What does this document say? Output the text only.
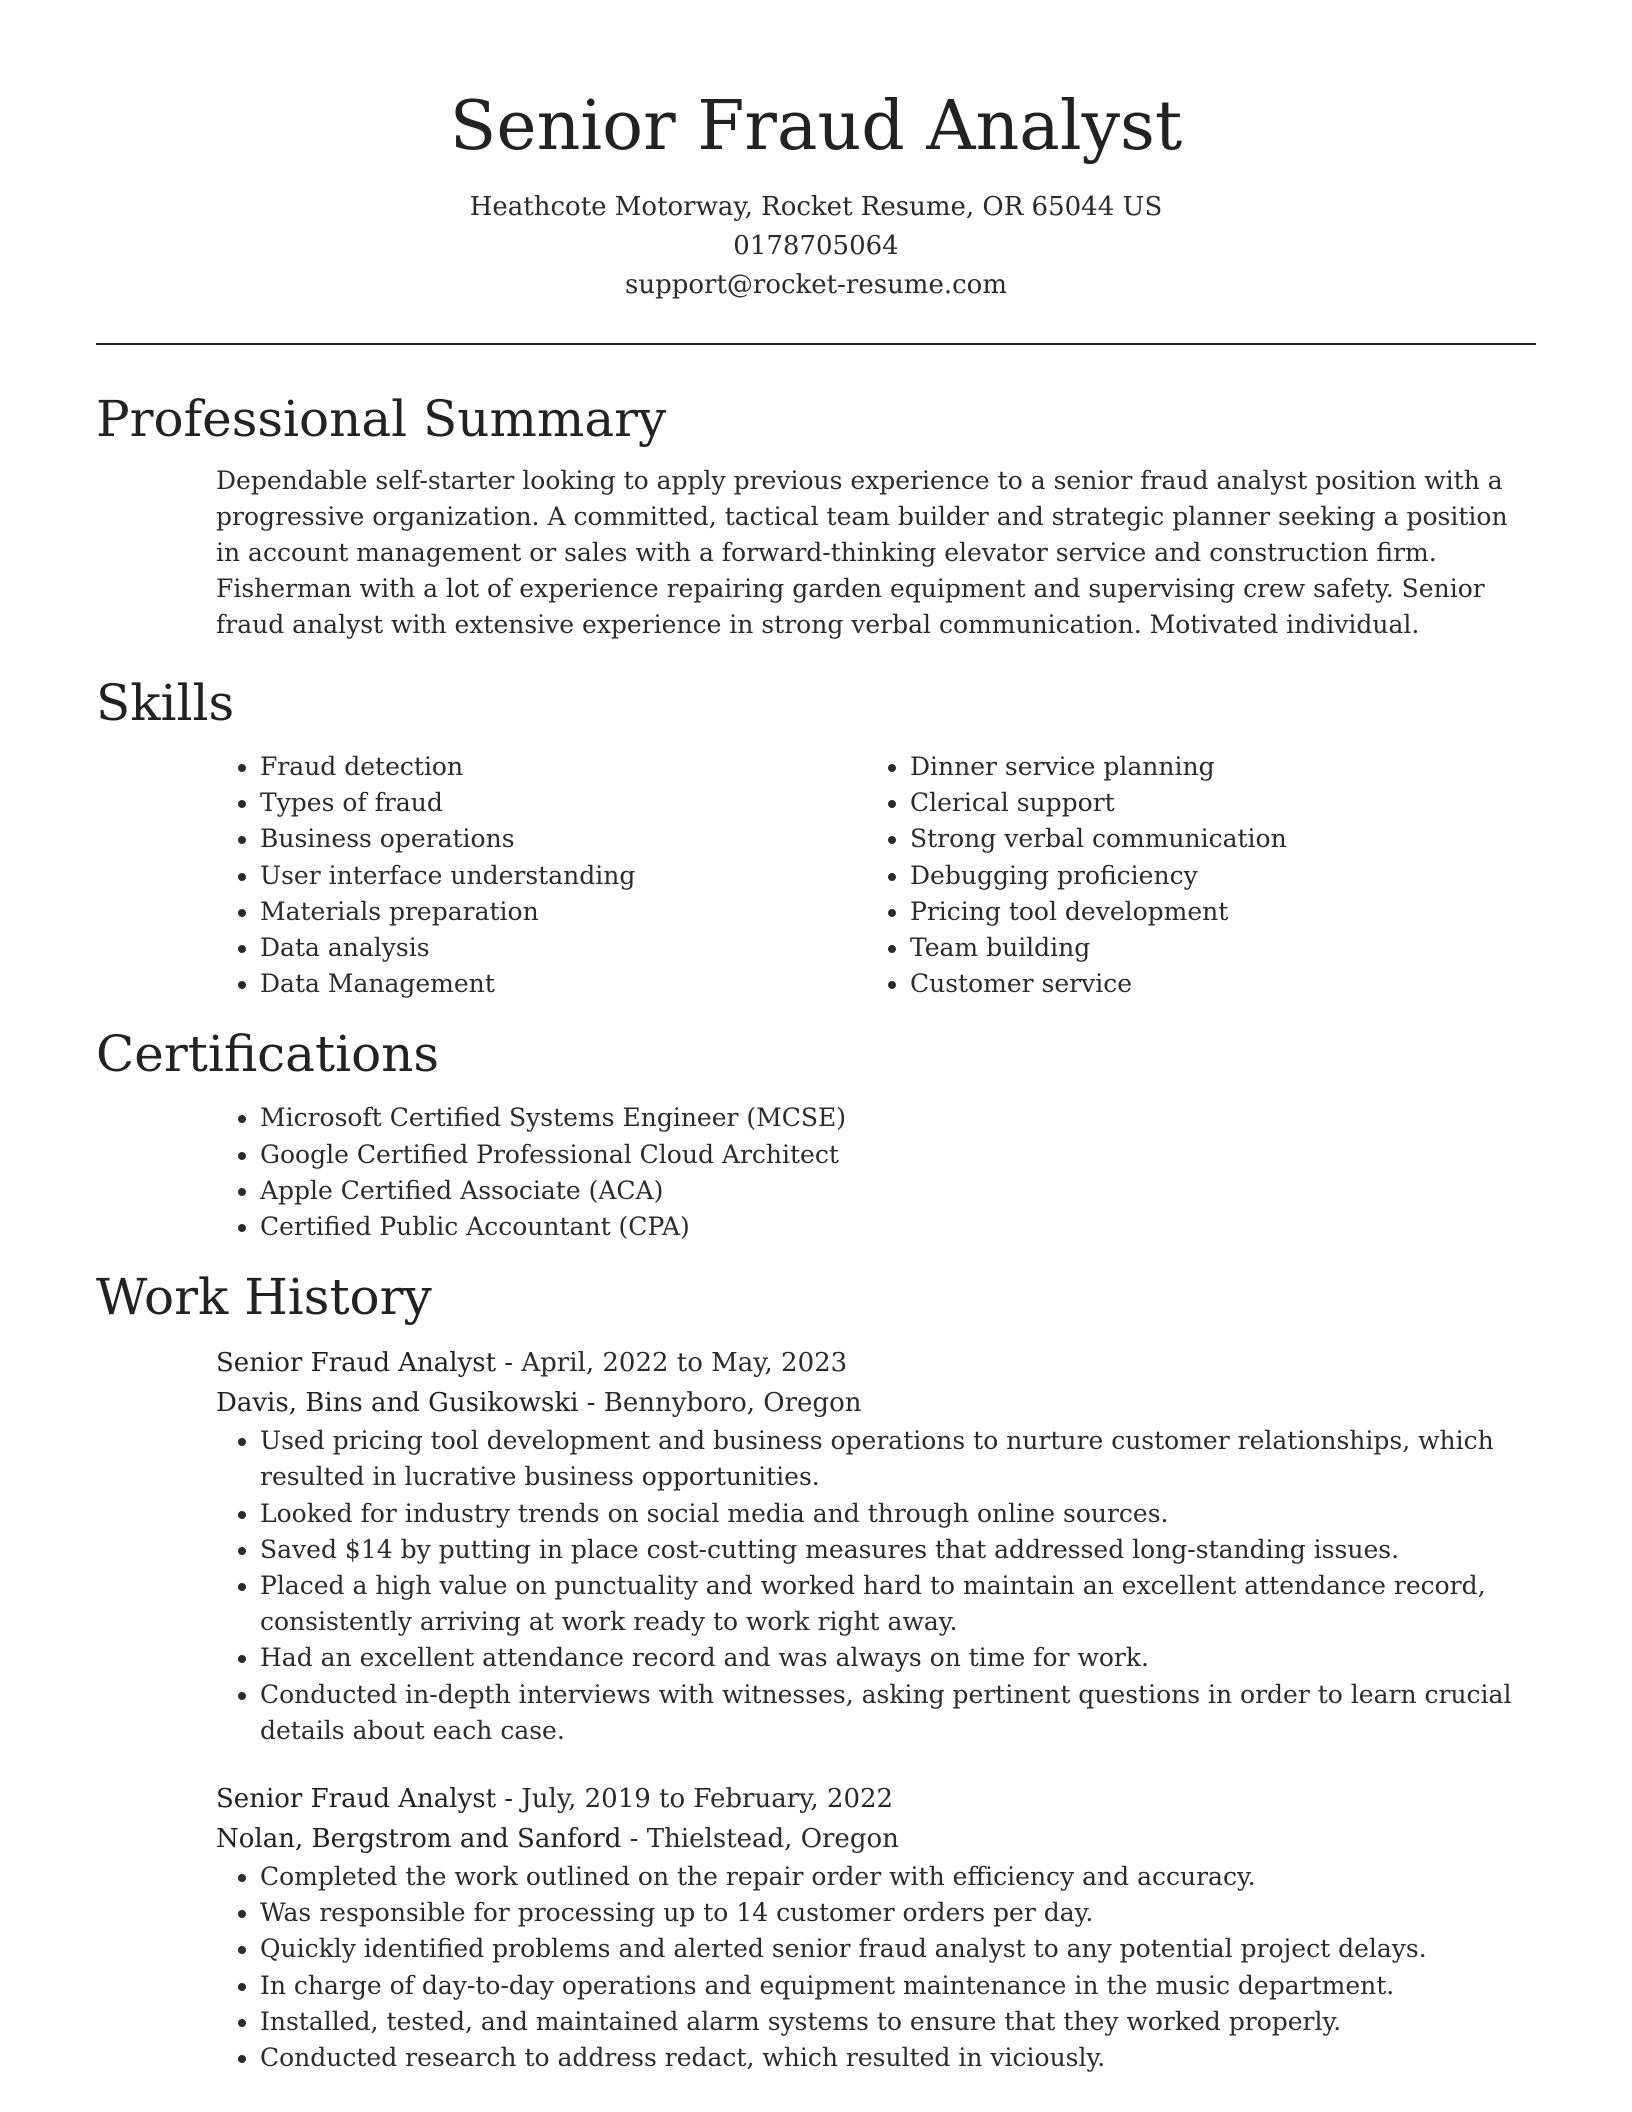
Senior Fraud Analyst
Heathcote Motorway, Rocket Resume, OR 65044 US
0178705064
support@rocket-resume.com
Professional Summary
Dependable self-starter looking to apply previous experience to a senior fraud analyst position with a progressive organization. A committed, tactical team builder and strategic planner seeking a position in account management or sales with a forward-thinking elevator service and construction firm. Fisherman with a lot of experience repairing garden equipment and supervising crew safety. Senior fraud analyst with extensive experience in strong verbal communication. Motivated individual.
Skills
• Fraud detection
• Types of fraud
• Business operations
• User interface understanding
• Materials preparation
• Data analysis
• Data Management
• Dinner service planning
• Clerical support
• Strong verbal communication
• Debugging proficiency
• Pricing tool development
• Team building
• Customer service
Certifications
• Microsoft Certified Systems Engineer (MCSE)
• Google Certified Professional Cloud Architect
• Apple Certified Associate (ACA)
• Certified Public Accountant (CPA)
Work History
Senior Fraud Analyst - April, 2022 to May, 2023
Davis, Bins and Gusikowski - Bennyboro, Oregon
• Used pricing tool development and business operations to nurture customer relationships, which resulted in lucrative business opportunities.
• Looked for industry trends on social media and through online sources.
• Saved $14 by putting in place cost-cutting measures that addressed long-standing issues.
• Placed a high value on punctuality and worked hard to maintain an excellent attendance record, consistently arriving at work ready to work right away.
• Had an excellent attendance record and was always on time for work.
• Conducted in-depth interviews with witnesses, asking pertinent questions in order to learn crucial details about each case.
Senior Fraud Analyst - July, 2019 to February, 2022
Nolan, Bergstrom and Sanford - Thielstead, Oregon
• Completed the work outlined on the repair order with efficiency and accuracy.
• Was responsible for processing up to 14 customer orders per day.
• Quickly identified problems and alerted senior fraud analyst to any potential project delays.
• In charge of day-to-day operations and equipment maintenance in the music department.
• Installed, tested, and maintained alarm systems to ensure that they worked properly.
• Conducted research to address redact, which resulted in viciously.
